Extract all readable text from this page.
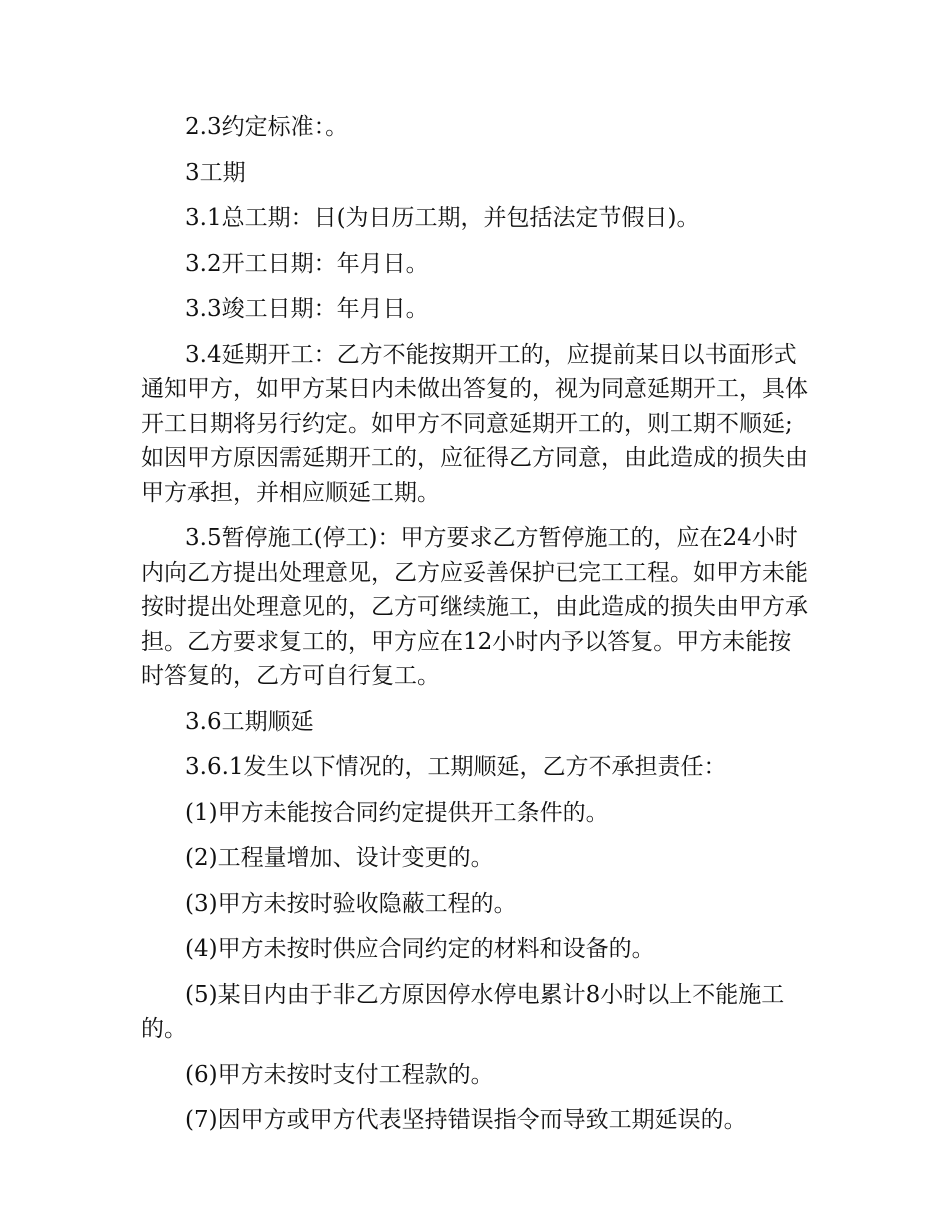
2.3约定标准：。

3工期

3.1总工期：日(为日历工期，并包括法定节假日)。

3.2开工日期：年月日。

3.3竣工日期：年月日。

3.4延期开工：乙方不能按期开工的，应提前某日以书面形式通知甲方，如甲方某日内未做出答复的，视为同意延期开工，具体开工日期将另行约定。如甲方不同意延期开工的，则工期不顺延;如因甲方原因需延期开工的，应征得乙方同意，由此造成的损失由甲方承担，并相应顺延工期。

3.5暂停施工(停工)：甲方要求乙方暂停施工的，应在24小时内向乙方提出处理意见，乙方应妥善保护已完工工程。如甲方未能按时提出处理意见的，乙方可继续施工，由此造成的损失由甲方承担。乙方要求复工的，甲方应在12小时内予以答复。甲方未能按时答复的，乙方可自行复工。

3.6工期顺延

3.6.1发生以下情况的，工期顺延，乙方不承担责任：

(1)甲方未能按合同约定提供开工条件的。

(2)工程量增加、设计变更的。

(3)甲方未按时验收隐蔽工程的。

(4)甲方未按时供应合同约定的材料和设备的。

(5)某日内由于非乙方原因停水停电累计8小时以上不能施工的。

(6)甲方未按时支付工程款的。

(7)因甲方或甲方代表坚持错误指令而导致工期延误的。
